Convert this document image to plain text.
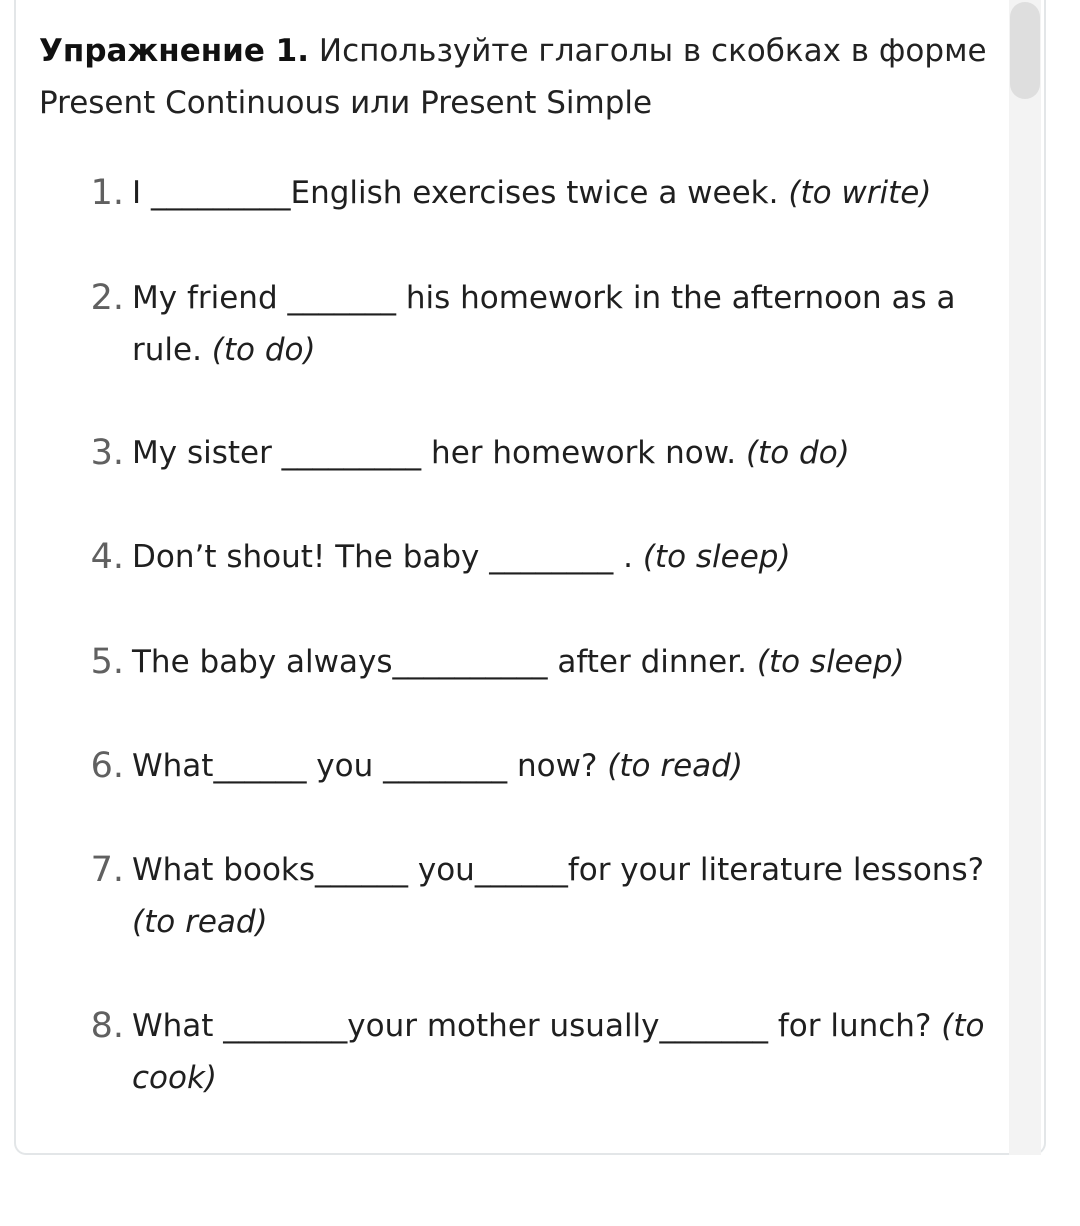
Упражнение 1. Используйте глаголы в скобках в форме Present Continuous или Present Simple
1. I _________English exercises twice a week. (to write)
2. My friend _______ his homework in the afternoon as a rule. (to do)
3. My sister _________ her homework now. (to do)
4. Don’t shout! The baby ________ . (to sleep)
5. The baby always__________ after dinner. (to sleep)
6. What______ you ________ now? (to read)
7. What books______ you______for your literature lessons? (to read)
8. What ________your mother usually_______ for lunch? (to cook)
